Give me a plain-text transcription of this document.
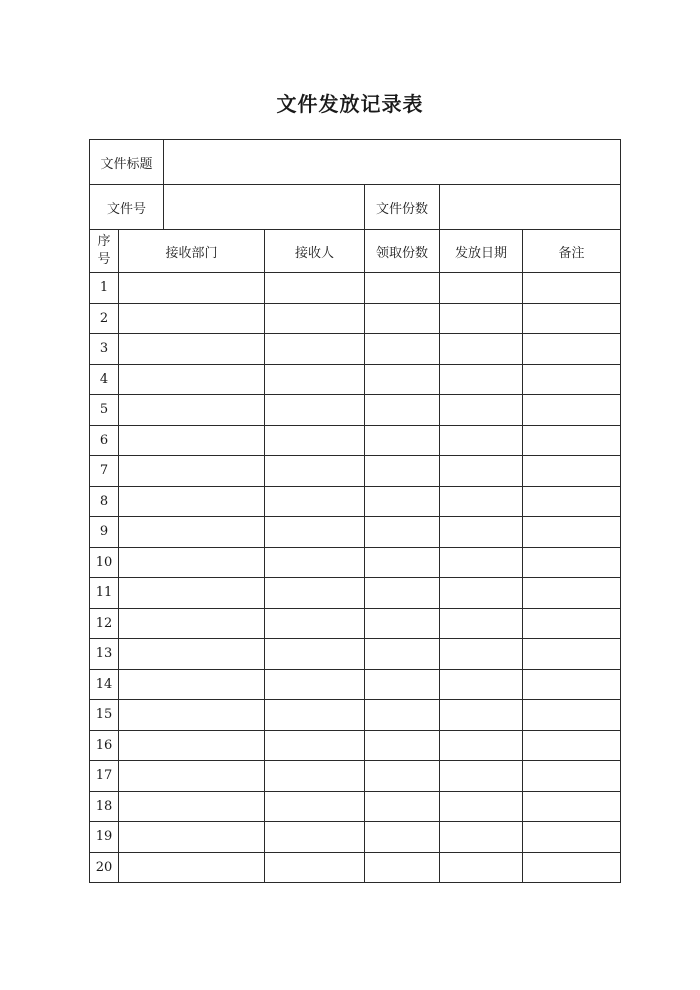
文件发放记录表
文件标题						
文件号				文件份数		

序
号	接收部门		接收人	领取份数	发放日期	备注
1						
2						
3						
4						
5						
6						
7						
8						
9						
10						
11						
12						
13						
14						
15						
16						
17						
18						
19						
20						
